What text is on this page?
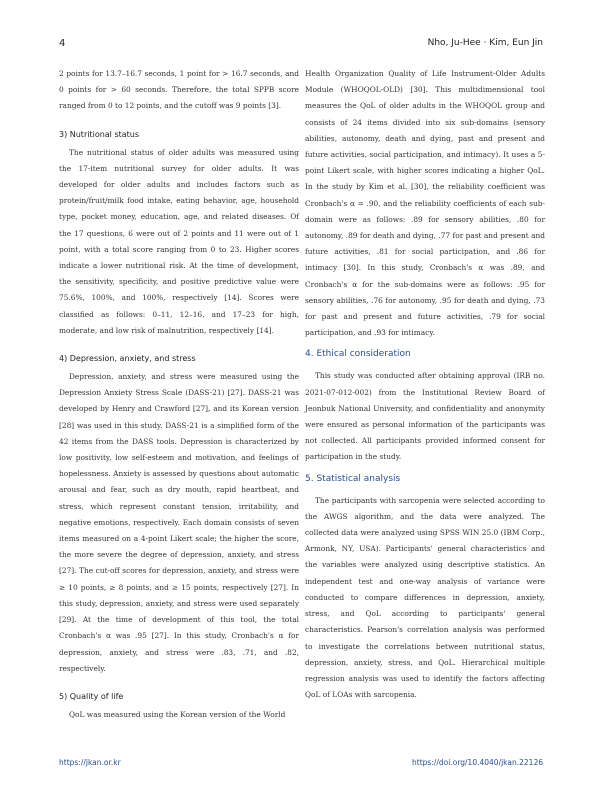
4	Nho, Ju-Hee · Kim, Eun Jin

2 points for 13.7–16.7 seconds, 1 point for > 16.7 seconds, and 0 points for > 60 seconds. Therefore, the total SPPB score ranged from 0 to 12 points, and the cutoff was 9 points [3].

3) Nutritional status

The nutritional status of older adults was measured using the 17-item nutritional survey for older adults. It was developed for older adults and includes factors such as protein/fruit/milk food intake, eating behavior, age, household type, pocket money, education, age, and related diseases. Of the 17 questions, 6 were out of 2 points and 11 were out of 1 point, with a total score ranging from 0 to 23. Higher scores indicate a lower nutritional risk. At the time of development, the sensitivity, specificity, and positive predictive value were 75.6%, 100%, and 100%, respectively [14]. Scores were classified as follows: 0–11, 12–16, and 17–23 for high, moderate, and low risk of malnutrition, respectively [14].

4) Depression, anxiety, and stress

Depression, anxiety, and stress were measured using the Depression Anxiety Stress Scale (DASS-21) [27]. DASS-21 was developed by Henry and Crawford [27], and its Korean version [28] was used in this study. DASS-21 is a simplified form of the 42 items from the DASS tools. Depression is characterized by low positivity, low self-esteem and motivation, and feelings of hopelessness. Anxiety is assessed by questions about automatic arousal and fear, such as dry mouth, rapid heartbeat, and stress, which represent constant tension, irritability, and negative emotions, respectively. Each domain consists of seven items measured on a 4-point Likert scale; the higher the score, the more severe the degree of depression, anxiety, and stress [27]. The cut-off scores for depression, anxiety, and stress were ≥ 10 points, ≥ 8 points, and ≥ 15 points, respectively [27]. In this study, depression, anxiety, and stress were used separately [29]. At the time of development of this tool, the total Cronbach's α was .95 [27]. In this study, Cronbach's α for depression, anxiety, and stress were .83, .71, and .82, respectively.

5) Quality of life

QoL was measured using the Korean version of the World

Health Organization Quality of Life Instrument-Older Adults Module (WHOQOL-OLD) [30]. This multidimensional tool measures the QoL of older adults in the WHOQOL group and consists of 24 items divided into six sub-domains (sensory abilities, autonomy, death and dying, past and present and future activities, social participation, and intimacy). It uses a 5-point Likert scale, with higher scores indicating a higher QoL. In the study by Kim et al. [30], the reliability coefficient was Cronbach's α = .90, and the reliability coefficients of each sub-domain were as follows: .89 for sensory abilities, .80 for autonomy, .89 for death and dying, .77 for past and present and future activities, .81 for social participation, and .86 for intimacy [30]. In this study, Cronbach's α was .89, and Cronbach's α for the sub-domains were as follows: .95 for sensory abilities, .76 for autonomy, .95 for death and dying, .73 for past and present and future activities, .79 for social participation, and .93 for intimacy.

4. Ethical consideration

This study was conducted after obtaining approval (IRB no. 2021-07-012-002) from the Institutional Review Board of Jeonbuk National University, and confidentiality and anonymity were ensured as personal information of the participants was not collected. All participants provided informed consent for participation in the study.

5. Statistical analysis

The participants with sarcopenia were selected according to the AWGS algorithm, and the data were analyzed. The collected data were analyzed using SPSS WIN 25.0 (IBM Corp., Armonk, NY, USA). Participants' general characteristics and the variables were analyzed using descriptive statistics. An independent test and one-way analysis of variance were conducted to compare differences in depression, anxiety, stress, and QoL according to participants' general characteristics. Pearson's correlation analysis was performed to investigate the correlations between nutritional status, depression, anxiety, stress, and QoL. Hierarchical multiple regression analysis was used to identify the factors affecting QoL of LOAs with sarcopenia.

https://jkan.or.kr	https://doi.org/10.4040/jkan.22126
